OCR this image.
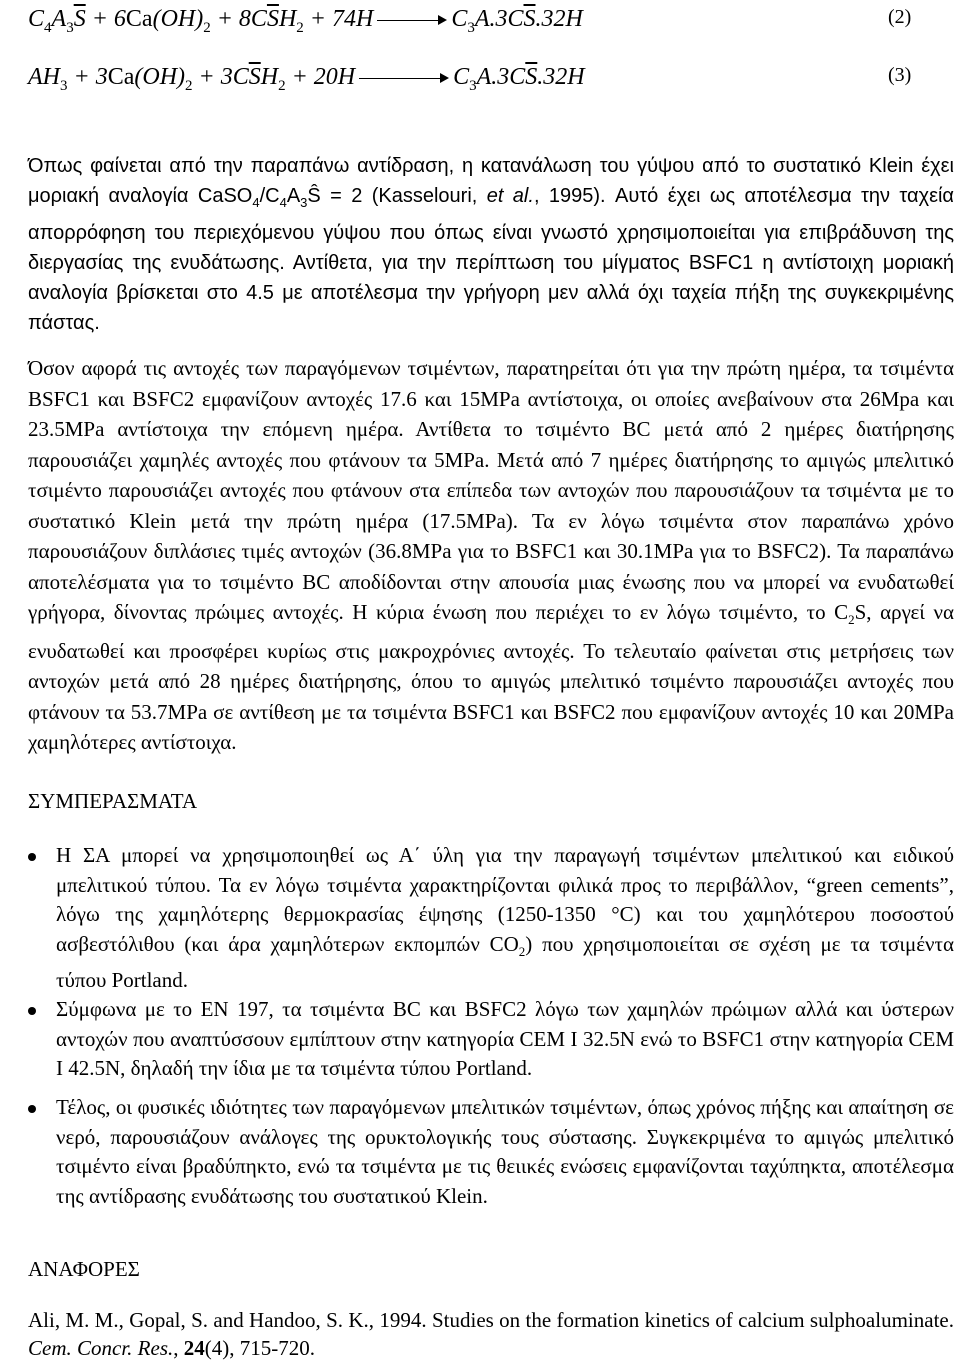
$C_4A_3\overline{S} + 6Ca(OH)_2 + 8C\overline{S}H_2 + 74H$	$C_3A.3C\overline{S}.32H$	(2)
$AH_3 + 3Ca(OH)_2 + 3C\overline{S}H_2 + 20H$	$C_3A.3C\overline{S}.32H$	(3)
Όπως φαίνεται από την παραπάνω αντίδραση, η κατανάλωση του γύψου από το συστατικό Klein έχει μοριακή αναλογία $CaSO_4/C_4A_3Ŝ = 2$ (Kasselouri, et al., 1995). Αυτό έχει ως αποτέλεσμα την ταχεία απορρόφηση του περιεχόμενου γύψου που όπως είναι γνωστό χρησιμοποιείται για επιβράδυνση της διεργασίας της ενυδάτωσης. Αντίθετα, για την περίπτωση του μίγματος BSFC1 η αντίστοιχη μοριακή αναλογία βρίσκεται στο 4.5 με αποτέλεσμα την γρήγορη μεν αλλά όχι ταχεία πήξη της συγκεκριμένης πάστας.
Όσον αφορά τις αντοχές των παραγόμενων τσιμέντων, παρατηρείται ότι για την πρώτη ημέρα, τα τσιμέντα BSFC1 και BSFC2 εμφανίζουν αντοχές 17.6 και 15MPa αντίστοιχα, οι οποίες ανεβαίνουν στα 26Mpa και 23.5MPa αντίστοιχα την επόμενη ημέρα. Αντίθετα το τσιμέντο BC μετά από 2 ημέρες διατήρησης παρουσιάζει χαμηλές αντοχές που φτάνουν τα 5MPa. Μετά από 7 ημέρες διατήρησης το αμιγώς μπελιτικό τσιμέντο παρουσιάζει αντοχές που φτάνουν στα επίπεδα των αντοχών που παρουσιάζουν τα τσιμέντα με το συστατικό Klein μετά την πρώτη ημέρα (17.5MPa). Τα εν λόγω τσιμέντα στον παραπάνω χρόνο παρουσιάζουν διπλάσιες τιμές αντοχών (36.8MPa για το BSFC1 και 30.1MPa για το BSFC2). Τα παραπάνω αποτελέσματα για το τσιμέντο BC αποδίδονται στην απουσία μιας ένωσης που να μπορεί να ενυδατωθεί γρήγορα, δίνοντας πρώιμες αντοχές. Η κύρια ένωση που περιέχει το εν λόγω τσιμέντο, το $C_2S$, αργεί να ενυδατωθεί και προσφέρει κυρίως στις μακροχρόνιες αντοχές. Το τελευταίο φαίνεται στις μετρήσεις των αντοχών μετά από 28 ημέρες διατήρησης, όπου το αμιγώς μπελιτικό τσιμέντο παρουσιάζει αντοχές που φτάνουν τα 53.7MPa σε αντίθεση με τα τσιμέντα BSFC1 και BSFC2 που εμφανίζουν αντοχές 10 και 20MPa χαμηλότερες αντίστοιχα.
ΣΥΜΠΕΡΑΣΜΑΤΑ
Η ΣΑ μπορεί να χρησιμοποιηθεί ως Α΄ ύλη για την παραγωγή τσιμέντων μπελιτικού και ειδικού μπελιτικού τύπου. Τα εν λόγω τσιμέντα χαρακτηρίζονται φιλικά προς το περιβάλλον, “green cements”, λόγω της χαμηλότερης θερμοκρασίας έψησης (1250-1350 °C) και του χαμηλότερου ποσοστού ασβεστόλιθου (και άρα χαμηλότερων εκπομπών $CO_2$) που χρησιμοποιείται σε σχέση με τα τσιμέντα τύπου Portland.
Σύμφωνα με το EN 197, τα τσιμέντα BC και BSFC2 λόγω των χαμηλών πρώιμων αλλά και ύστερων αντοχών που αναπτύσσουν εμπίπτουν στην κατηγορία CEM I 32.5N ενώ το BSFC1 στην κατηγορία CEM I 42.5N, δηλαδή την ίδια με τα τσιμέντα τύπου Portland.
Τέλος, οι φυσικές ιδιότητες των παραγόμενων μπελιτικών τσιμέντων, όπως χρόνος πήξης και απαίτηση σε νερό, παρουσιάζουν ανάλογες της ορυκτολογικής τους σύστασης. Συγκεκριμένα το αμιγώς μπελιτικό τσιμέντο είναι βραδύπηκτο, ενώ τα τσιμέντα με τις θειικές ενώσεις εμφανίζονται ταχύπηκτα, αποτέλεσμα της αντίδρασης ενυδάτωσης του συστατικού Klein.
ΑΝΑΦΟΡΕΣ
Ali, M. M., Gopal, S. and Handoo, S. K., 1994. Studies on the formation kinetics of calcium sulphoaluminate. Cem. Concr. Res., 24(4), 715-720.
